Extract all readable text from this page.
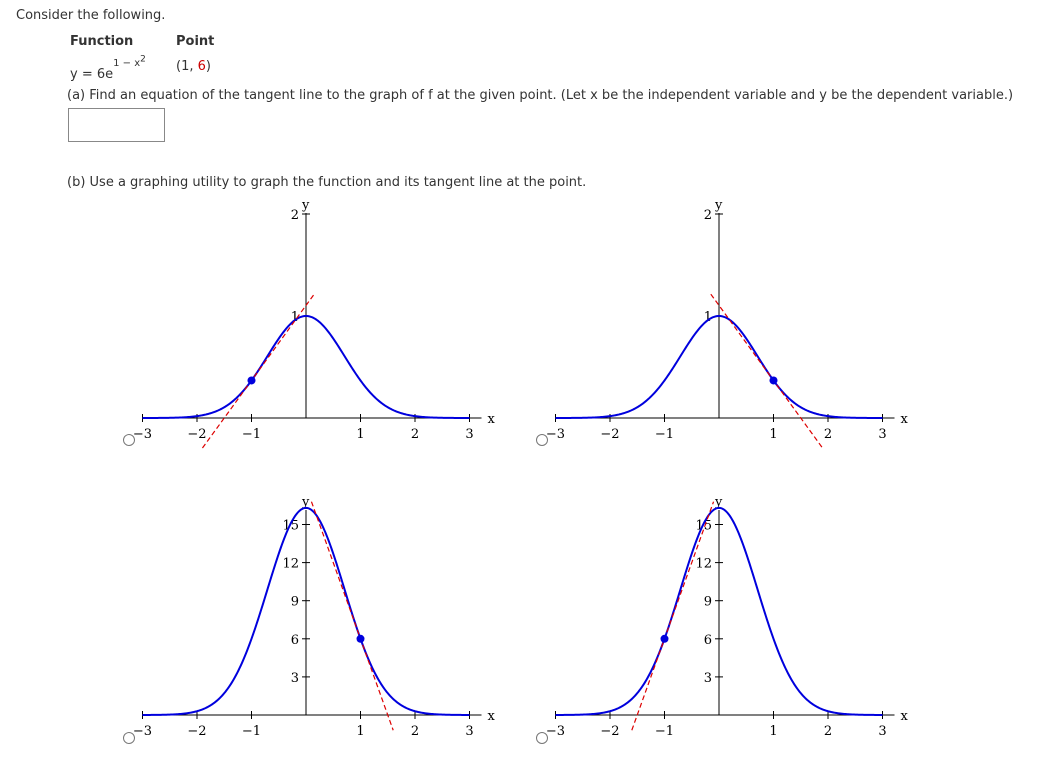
Consider the following.
Function	Point
$y = 6e^{1 - x^2}$ (1, 6)
(a) Find an equation of the tangent line to the graph of f at the given point. (Let x be the independent variable and y be the dependent variable.)
(b) Use a graphing utility to graph the function and its tangent line at the point.
−3	−2	−1	1	2	3
1
2
x
y
−3	−2	−1	1	2	3
1
2
x
y
−3	−2	−1	1	2	3
3
6
9
12
15
x
y
−3	−2	−1	1	2	3
3
6
9
12
15
x
y
